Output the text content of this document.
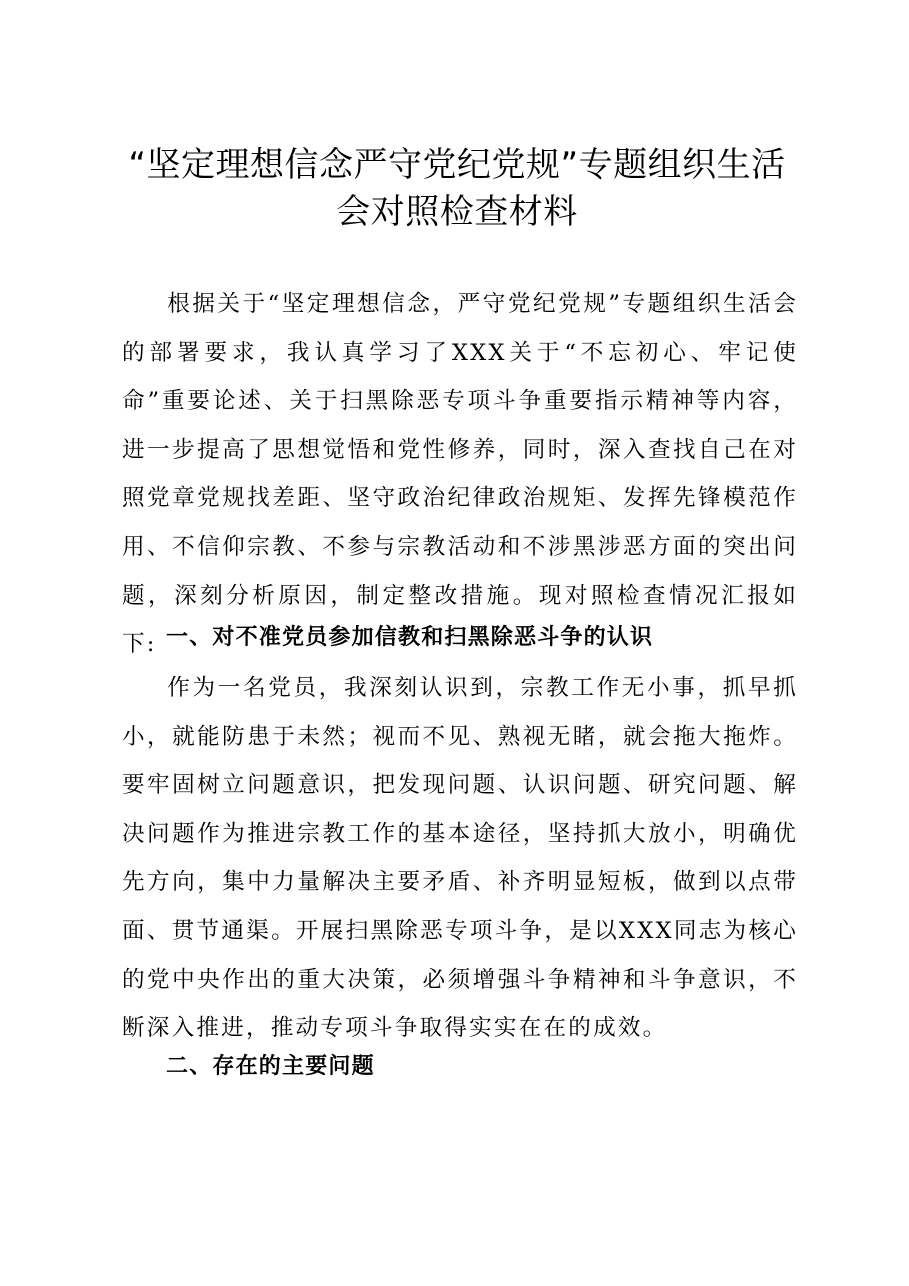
“坚定理想信念严守党纪党规”专题组织生活
会对照检查材料

根据关于“坚定理想信念，严守党纪党规”专题组织生活会的部署要求，我认真学习了XXX关于“不忘初心、牢记使命”重要论述、关于扫黑除恶专项斗争重要指示精神等内容，进一步提高了思想觉悟和党性修养，同时，深入查找自己在对照党章党规找差距、坚守政治纪律政治规矩、发挥先锋模范作用、不信仰宗教、不参与宗教活动和不涉黑涉恶方面的突出问题，深刻分析原因，制定整改措施。现对照检查情况汇报如下: 一、对不准党员参加信教和扫黑除恶斗争的认识

作为一名党员，我深刻认识到，宗教工作无小事，抓早抓小，就能防患于未然；视而不见、熟视无睹，就会拖大拖炸。要牢固树立问题意识，把发现问题、认识问题、研究问题、解决问题作为推进宗教工作的基本途径，坚持抓大放小，明确优先方向，集中力量解决主要矛盾、补齐明显短板，做到以点带面、贯节通渠。开展扫黑除恶专项斗争，是以XXX同志为核心的党中央作出的重大决策，必须增强斗争精神和斗争意识，不断深入推进，推动专项斗争取得实实在在的成效。

二、存在的主要问题
